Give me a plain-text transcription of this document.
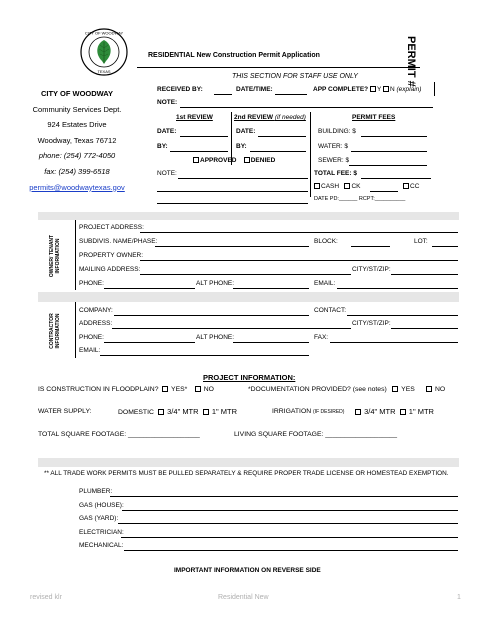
CITY OF WOODWAY
TEXAS
RESIDENTIAL New Construction Permit Application	PERMIT #
CITY OF WOODWAY
Community Services Dept.
924 Estates Drive
Woodway, Texas 76712
phone: (254) 772-4050
fax: (254) 399-6518
permits@woodwaytexas.gov
THIS SECTION FOR STAFF USE ONLY
RECEIVED BY:	DATE/TIME:	APP COMPLETE? Y N (explain)
NOTE:
1st REVIEW	2nd REVIEW (if needed)	PERMIT FEES
DATE:	DATE:	BUILDING: $
BY:	BY:	WATER: $
APPROVED DENIED	SEWER: $
NOTE:	TOTAL FEE: $
CASH CK	CC
DATE PD:______ RCPT:__________
OWNER/ TENANT INFORMATION
PROJECT ADDRESS:
SUBDIVIS. NAME/PHASE:	BLOCK:	LOT:
PROPERTY OWNER:
MAILING ADDRESS:	CITY/ST/ZIP:
PHONE:	ALT PHONE:	EMAIL:
CONTRACTOR INFORMATION
COMPANY:	CONTACT:
ADDRESS:	CITY/ST/ZIP:
PHONE:	ALT PHONE:	FAX:
EMAIL:
PROJECT INFORMATION:
IS CONSTRUCTION IN FLOODPLAIN? YES* NO	*DOCUMENTATION PROVIDED? (see notes) YES	NO
WATER SUPPLY:	DOMESTIC 3/4" MTR 1" MTR	IRRIGATION (IF DESIRED)	3/4" MTR 1" MTR
TOTAL SQUARE FOOTAGE: ___________________	LIVING SQUARE FOOTAGE: ___________________
** ALL TRADE WORK PERMITS MUST BE PULLED SEPARATELY & REQUIRE PROPER TRADE LICENSE OR HOMESTEAD EXEMPTION.
PLUMBER:
GAS (HOUSE):
GAS (YARD):
ELECTRICIAN:
MECHANICAL:
IMPORTANT INFORMATION ON REVERSE SIDE
revised klr	Residential New	1
